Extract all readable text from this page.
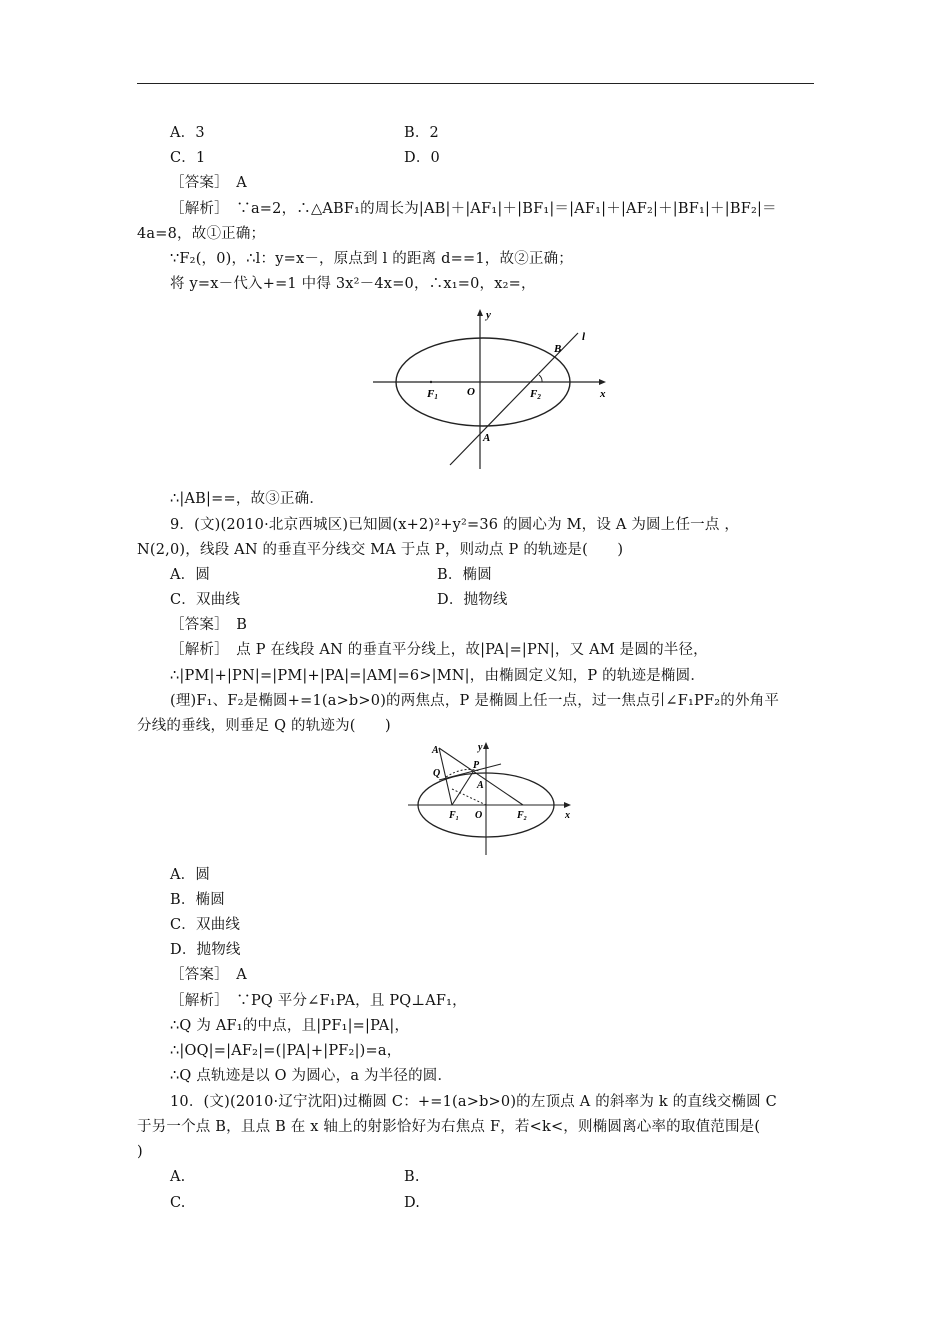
A．3	B．2
C．1	D．0
［答案］　A
［解析］　∵a=2，∴△ABF₁的周长为|AB|＋|AF₁|＋|BF₁|＝|AF₁|＋|AF₂|＋|BF₁|＋|BF₂|＝
4a=8，故①正确；
∵F₂(，0)，∴l：y=x－，原点到 l 的距离 d==1，故②正确；
将 y=x－代入+=1 中得 3x²－4x=0，∴x₁=0，x₂=，
y
x
l
B
O
F1	F2
A
∴|AB|==，故③正确．
9．(文)(2010·北京西城区)已知圆(x+2)²+y²=36 的圆心为 M，设 A 为圆上任一点 ，
N(2,0)，线段 AN 的垂直平分线交 MA 于点 P，则动点 P 的轨迹是(　　)
A．圆	B．椭圆
C．双曲线	D．抛物线
［答案］　B
［解析］　点 P 在线段 AN 的垂直平分线上，故|PA|=|PN|，又 AM 是圆的半径，
∴|PM|+|PN|=|PM|+|PA|=|AM|=6>|MN|，由椭圆定义知，P 的轨迹是椭圆．
(理)F₁、F₂是椭圆+=1(a>b>0)的两焦点，P 是椭圆上任一点，过一焦点引∠F₁PF₂的外角平
分线的垂线，则垂足 Q 的轨迹为(　　)
A	y
P
Q
A
$F_1$ O	$F_2$	x
A．圆
B．椭圆
C．双曲线
D．抛物线
［答案］　A
［解析］　∵PQ 平分∠F₁PA，且 PQ⊥AF₁，
∴Q 为 AF₁的中点，且|PF₁|=|PA|，
∴|OQ|=|AF₂|=(|PA|+|PF₂|)=a，
∴Q 点轨迹是以 O 为圆心，a 为半径的圆．
10．(文)(2010·辽宁沈阳)过椭圆 C：+=1(a>b>0)的左顶点 A 的斜率为 k 的直线交椭圆 C
于另一个点 B，且点 B 在 x 轴上的射影恰好为右焦点 F，若<k<，则椭圆离心率的取值范围是(
)
A.	B.
C.	D.
